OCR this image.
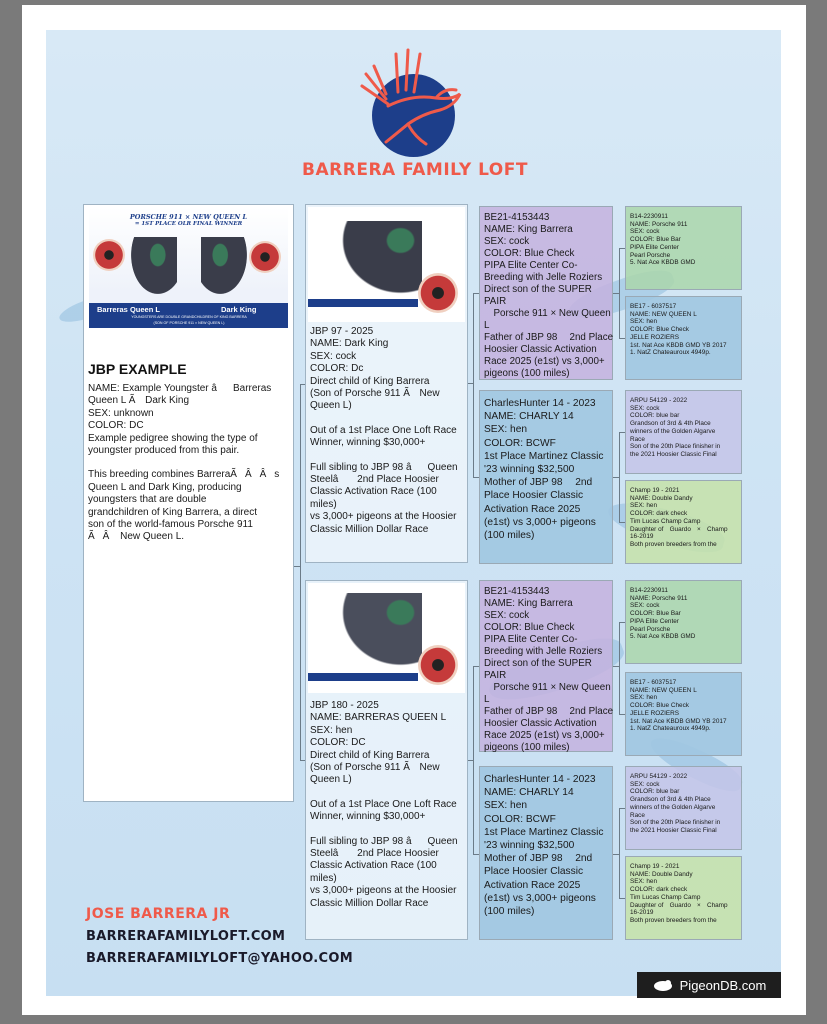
BARRERA FAMILY LOFT
PORSCHE 911 × NEW QUEEN L
= 1ST PLACE OLR FINAL WINNER
Barreras Queen L	Dark King
YOUNGSTERS ARE DOUBLE GRANDCHILDREN OF KING BARRERA
(SON OF PORSCHE 911 × NEW QUEEN L)
JBP EXAMPLE
NAME: Example Youngster âBarreras
Queen L Ã Dark King
SEX: unknown
COLOR: DC
Example pedigree showing the type of
youngster produced from this pair.
This breeding combines BarreraÃÂÂs
Queen L and Dark King, producing
youngsters that are double
grandchildren of King Barrera, a direct
son of the world-famous Porsche 911
ÃÂ New Queen L.
JBP 97 - 2025
NAME: Dark King
SEX: cock
COLOR: Dc
Direct child of King Barrera
(Son of Porsche 911 Ã New
Queen L)
Out of a 1st Place One Loft Race
Winner, winning $30,000+
Full sibling to JBP 98 âQueen
Steelâ 2nd Place Hoosier
Classic Activation Race (100
miles)
vs 3,000+ pigeons at the Hoosier
Classic Million Dollar Race
JBP 180 - 2025
NAME: BARRERAS QUEEN L
SEX: hen
COLOR: DC
Direct child of King Barrera
(Son of Porsche 911 Ã New
Queen L)
Out of a 1st Place One Loft Race
Winner, winning $30,000+
Full sibling to JBP 98 âQueen
Steelâ 2nd Place Hoosier
Classic Activation Race (100
miles)
vs 3,000+ pigeons at the Hoosier
Classic Million Dollar Race
BE21-4153443
NAME: King Barrera
SEX: cock
COLOR: Blue Check
PIPA Elite Center Co-
Breeding with Jelle Roziers
Direct son of the SUPER PAIR
 Porsche 911 × New Queen
L
Father of JBP 98  2nd Place
Hoosier Classic Activation
Race 2025 (e1st) vs 3,000+
pigeons (100 miles)
CharlesHunter 14 - 2023
NAME: CHARLY 14
SEX: hen
COLOR: BCWF
1st Place Martinez Classic
'23 winning $32,500
Mother of JBP 98  2nd
Place Hoosier Classic
Activation Race 2025
(e1st) vs 3,000+ pigeons
(100 miles)
BE21-4153443
NAME: King Barrera
SEX: cock
COLOR: Blue Check
PIPA Elite Center Co-
Breeding with Jelle Roziers
Direct son of the SUPER PAIR
 Porsche 911 × New Queen
L
Father of JBP 98  2nd Place
Hoosier Classic Activation
Race 2025 (e1st) vs 3,000+
pigeons (100 miles)
CharlesHunter 14 - 2023
NAME: CHARLY 14
SEX: hen
COLOR: BCWF
1st Place Martinez Classic
'23 winning $32,500
Mother of JBP 98  2nd
Place Hoosier Classic
Activation Race 2025
(e1st) vs 3,000+ pigeons
(100 miles)
B14-2230911
NAME: Porsche 911
SEX: cock
COLOR: Blue Bar
PIPA Elite Center
Pearl Porsche
5. Nat Ace KBDB GMD
BE17 - 6037517
NAME: NEW QUEEN L
SEX: hen
COLOR: Blue Check
JELLE ROZIERS
1st. Nat Ace KBDB GMD YB 2017
1. NatZ Chateauroux 4949p.
ARPU 54129 - 2022
SEX: cock
COLOR: blue bar
Grandson of 3rd & 4th Place
winners of the Golden Algarve
Race
Son of the 20th Place finisher in
the 2021 Hoosier Classic Final
Champ 19 - 2021
NAME: Double Dandy
SEX: hen
COLOR: dark check
Tim Lucas Champ Camp
Daughter of Guardo × Champ
16-2019
Both proven breeders from the
B14-2230911
NAME: Porsche 911
SEX: cock
COLOR: Blue Bar
PIPA Elite Center
Pearl Porsche
5. Nat Ace KBDB GMD
BE17 - 6037517
NAME: NEW QUEEN L
SEX: hen
COLOR: Blue Check
JELLE ROZIERS
1st. Nat Ace KBDB GMD YB 2017
1. NatZ Chateauroux 4949p.
ARPU 54129 - 2022
SEX: cock
COLOR: blue bar
Grandson of 3rd & 4th Place
winners of the Golden Algarve
Race
Son of the 20th Place finisher in
the 2021 Hoosier Classic Final
Champ 19 - 2021
NAME: Double Dandy
SEX: hen
COLOR: dark check
Tim Lucas Champ Camp
Daughter of Guardo × Champ
16-2019
Both proven breeders from the
JOSE BARRERA JR
BARRERAFAMILYLOFT.COM
BARRERAFAMILYLOFT@YAHOO.COM
PigeonDB.com
